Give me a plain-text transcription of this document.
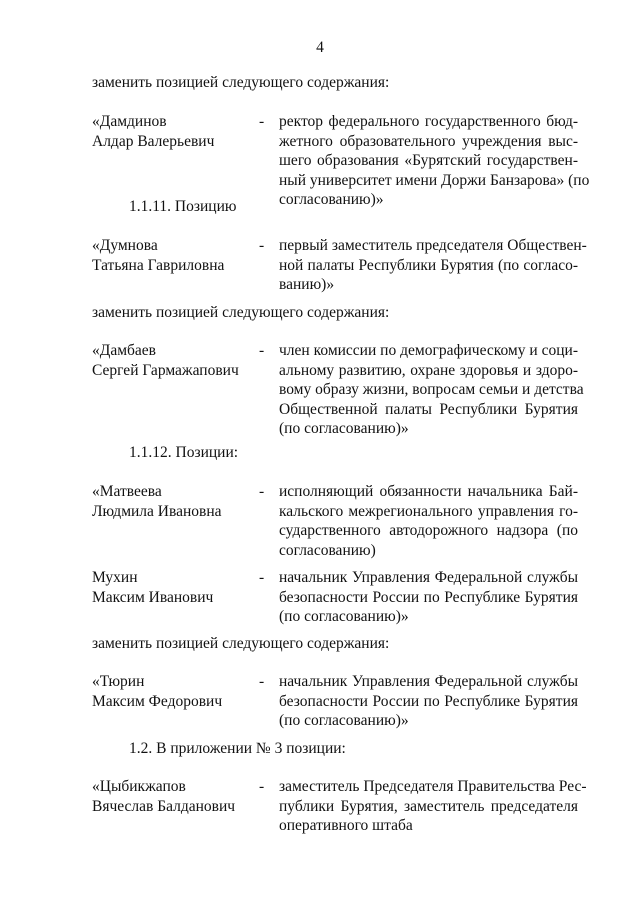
4
заменить позицией следующего содержания:
«Дамдинов
Алдар Валерьевич
- ректор федерального государственного бюд-
жетного образовательного учреждения выс-
шего образования «Бурятский государствен-
ный университет имени Доржи Банзарова» (по
согласованию)»
1.1.11. Позицию
«Думнова
Татьяна Гавриловна
- первый заместитель председателя Обществен-
ной палаты Республики Бурятия (по согласо-
ванию)»
заменить позицией следующего содержания:
«Дамбаев
Сергей Гармажапович
- член комиссии по демографическому и соци-
альному развитию, охране здоровья и здоро-
вому образу жизни, вопросам семьи и детства
Общественной палаты Республики Бурятия
(по согласованию)»
1.1.12. Позиции:
«Матвеева
Людмила Ивановна
- исполняющий обязанности начальника Бай-
кальского межрегионального управления го-
сударственного автодорожного надзора (по
согласованию)
Мухин
Максим Иванович
- начальник Управления Федеральной службы
безопасности России по Республике Бурятия
(по согласованию)»
заменить позицией следующего содержания:
«Тюрин
Максим Федорович
- начальник Управления Федеральной службы
безопасности России по Республике Бурятия
(по согласованию)»
1.2. В приложении № 3 позиции:
«Цыбикжапов
Вячеслав Балданович
- заместитель Председателя Правительства Рес-
публики Бурятия, заместитель председателя
оперативного штаба
